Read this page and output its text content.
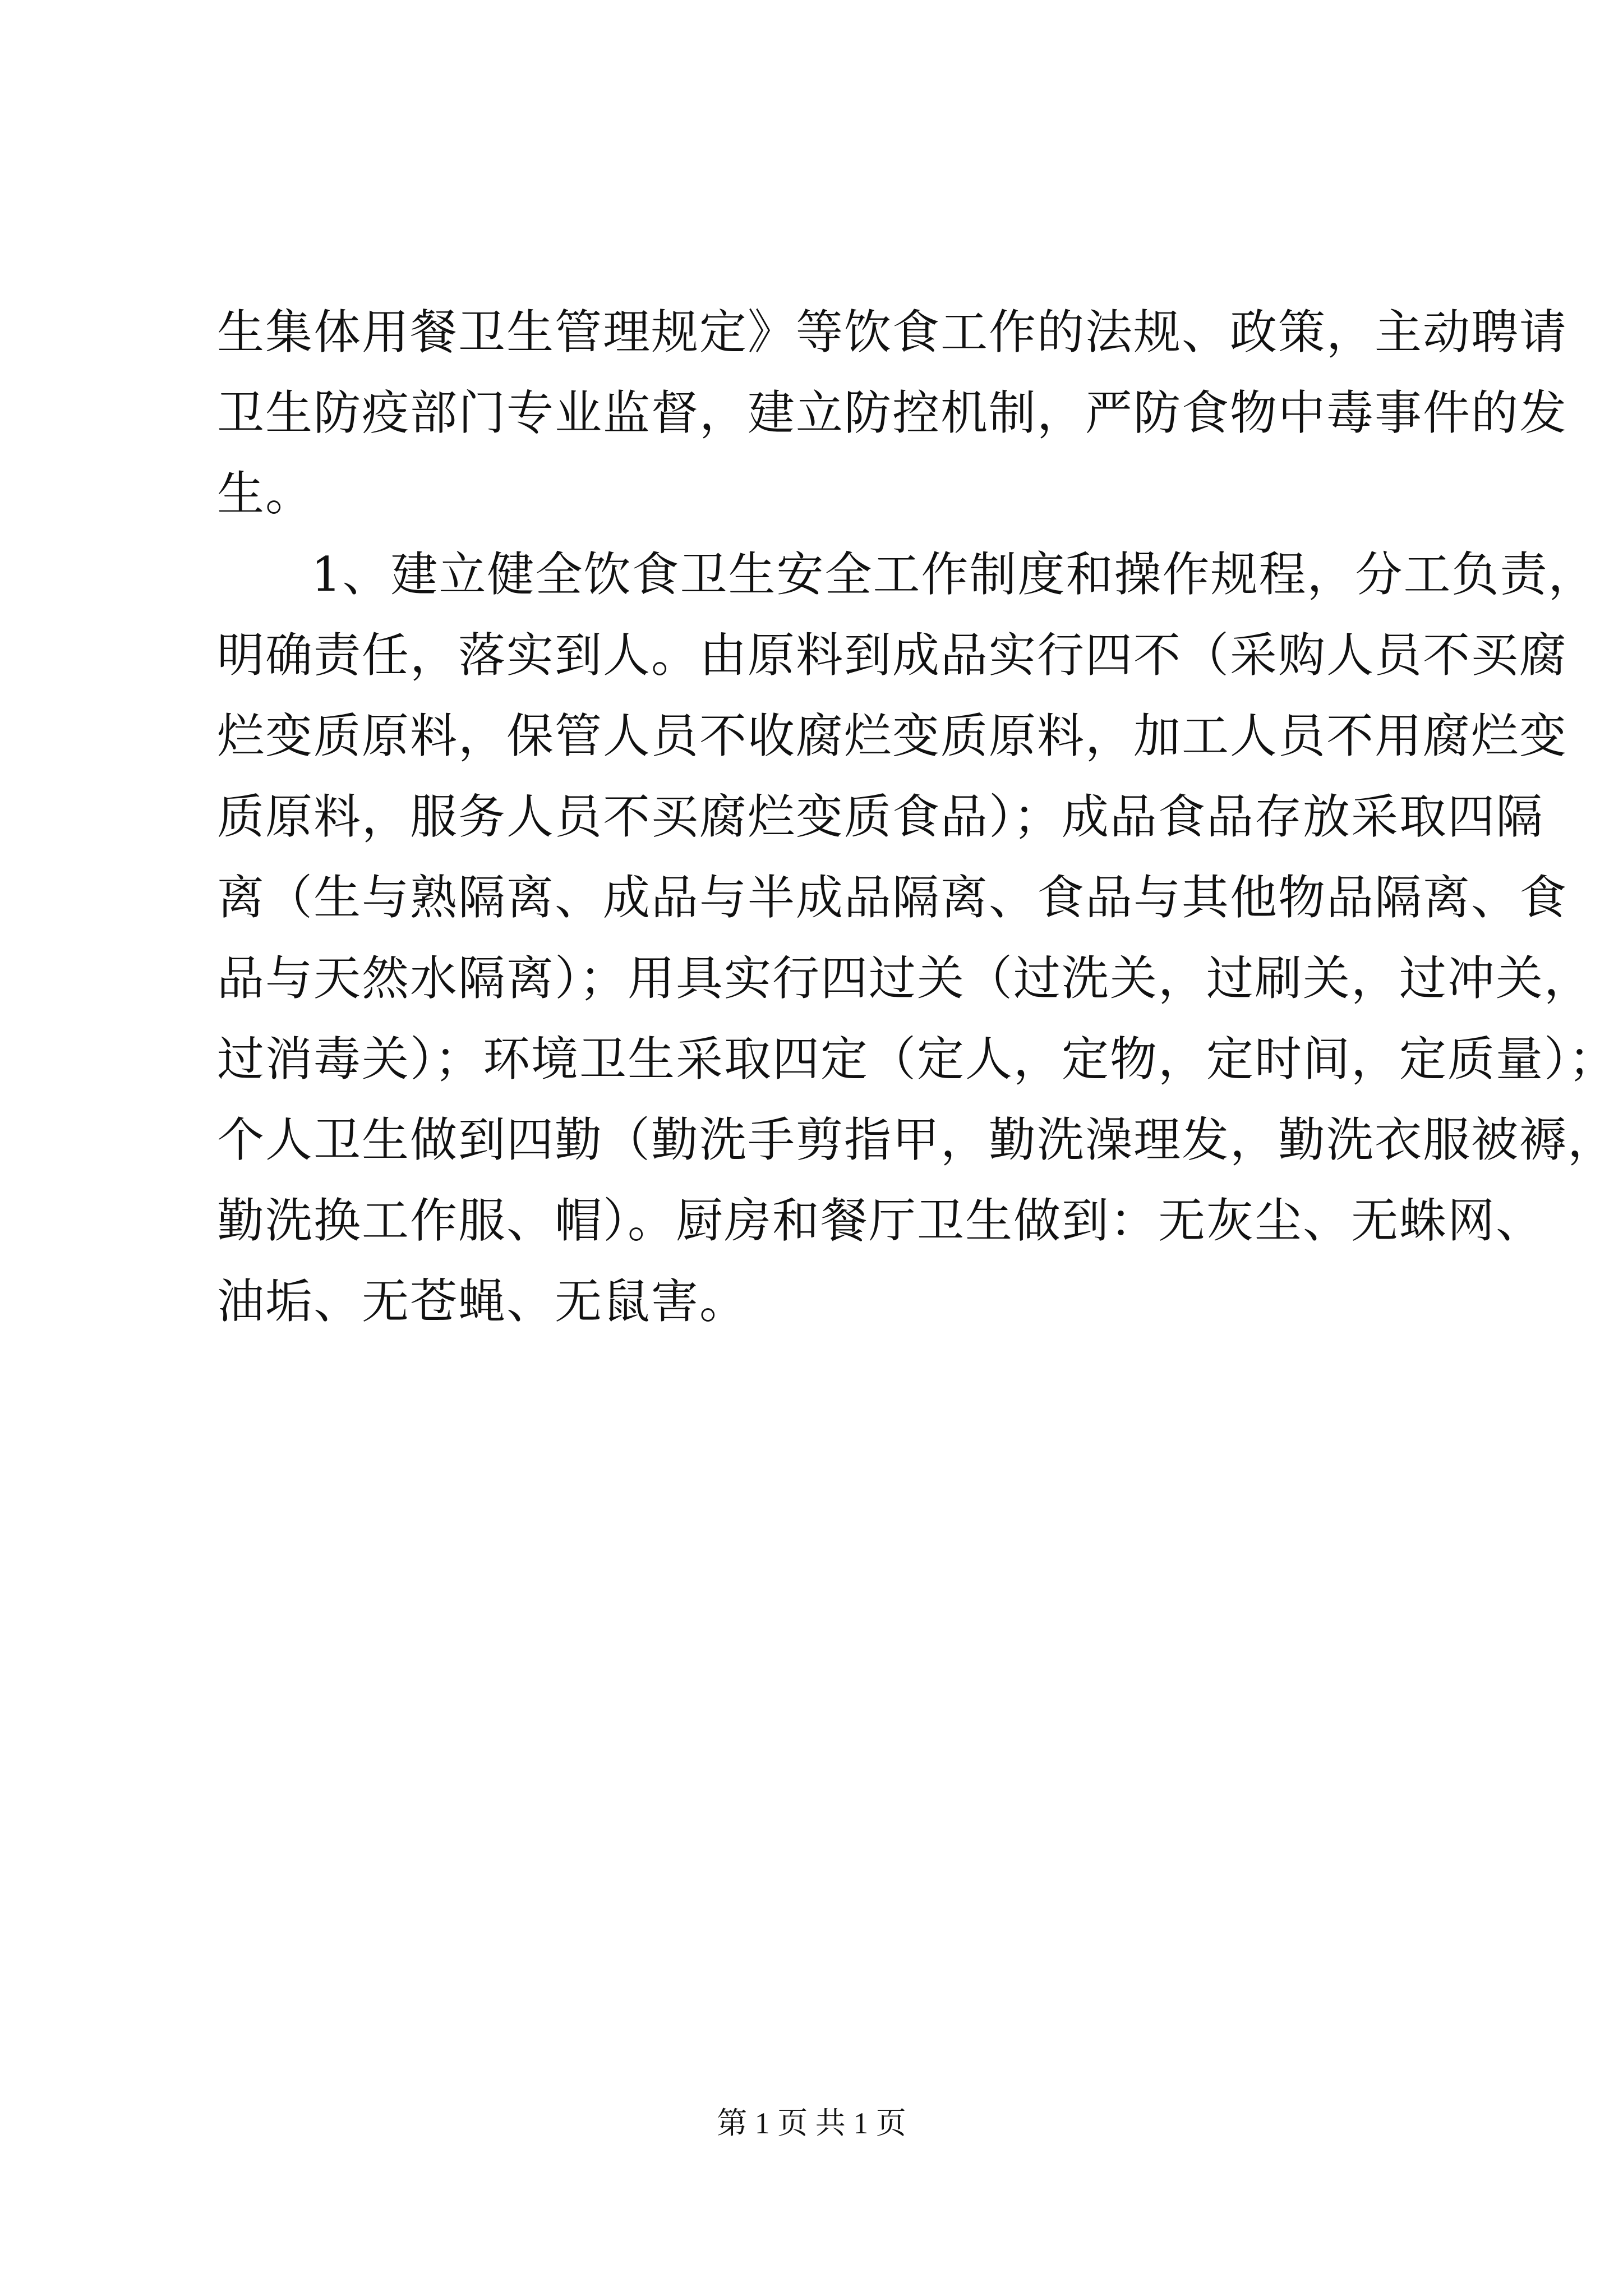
生集体用餐卫生管理规定》等饮食工作的法规、政策，主动聘请
卫生防疫部门专业监督，建立防控机制，严防食物中毒事件的发
生。
1、建立健全饮食卫生安全工作制度和操作规程，分工负责，
明确责任，落实到人。由原料到成品实行四不（采购人员不买腐
烂变质原料，保管人员不收腐烂变质原料，加工人员不用腐烂变
质原料，服务人员不买腐烂变质食品）；成品食品存放采取四隔
离（生与熟隔离、成品与半成品隔离、食品与其他物品隔离、食
品与天然水隔离）；用具实行四过关（过洗关，过刷关，过冲关，
过消毒关）；环境卫生采取四定（定人，定物，定时间，定质量）；
个人卫生做到四勤（勤洗手剪指甲，勤洗澡理发，勤洗衣服被褥，
勤洗换工作服、帽）。厨房和餐厅卫生做到：无灰尘、无蛛网、
油垢、无苍蝇、无鼠害。
第 1 页 共 1 页
